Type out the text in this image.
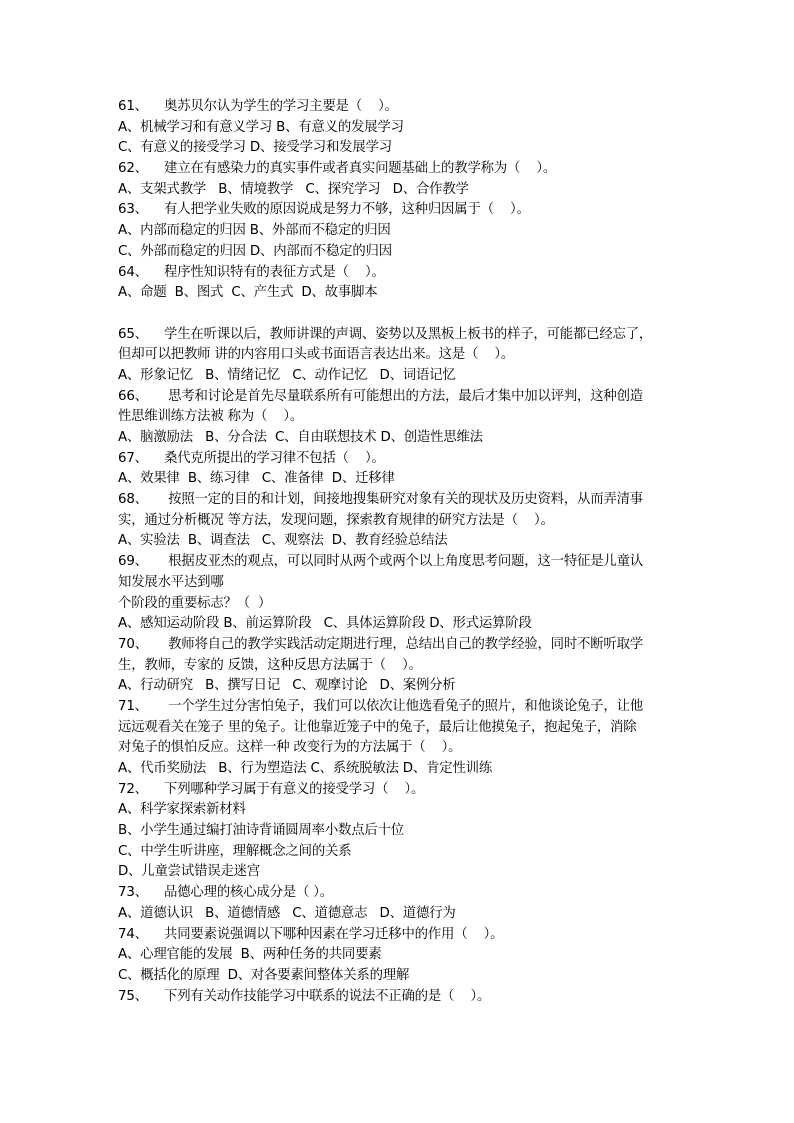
61、    奥苏贝尔认为学生的学习主要是（    ）。
A、机械学习和有意义学习 B、有意义的发展学习
C、有意义的接受学习 D、接受学习和发展学习
62、    建立在有感染力的真实事件或者真实问题基础上的教学称为（    ）。
A、支架式教学   B、情境教学   C、探究学习   D、合作教学
63、    有人把学业失败的原因说成是努力不够，这种归因属于（    ）。
A、内部而稳定的归因 B、外部而不稳定的归因
C、外部而稳定的归因 D、内部而不稳定的归因
64、    程序性知识特有的表征方式是（    ）。
A、命题  B、图式  C、产生式  D、故事脚本
65、    学生在听课以后，教师讲课的声调、姿势以及黑板上板书的样子，可能都已经忘了，
但却可以把教师 讲的内容用口头或书面语言表达出来。这是（    ）。
A、形象记忆   B、情绪记忆   C、动作记忆   D、词语记忆
66、     思考和讨论是首先尽量联系所有可能想出的方法，最后才集中加以评判，这种创造
性思维训练方法被 称为（    ）。
A、脑激励法   B、分合法  C、自由联想技术 D、创造性思维法
67、    桑代克所提出的学习律不包括（    ）。
A、效果律  B、练习律   C、准备律  D、迁移律
68、     按照一定的目的和计划，间接地搜集研究对象有关的现状及历史资料，从而弄清事
实，通过分析概况 等方法，发现问题，探索教育规律的研究方法是（    ）。
A、实验法  B、调查法   C、观察法  D、教育经验总结法
69、     根据皮亚杰的观点，可以同时从两个或两个以上角度思考问题，这一特征是儿童认
知发展水平达到哪
个阶段的重要标志？（  ）
A、感知运动阶段 B、前运算阶段   C、具体运算阶段 D、形式运算阶段
70、     教师将自己的教学实践活动定期进行理，总结出自己的教学经验，同时不断听取学
生，教师，专家的 反馈，这种反思方法属于（    ）。
A、行动研究   B、撰写日记   C、观摩讨论   D、案例分析
71、     一个学生过分害怕兔子，我们可以依次让他选看兔子的照片，和他谈论兔子，让他
远远观看关在笼子 里的兔子。让他靠近笼子中的兔子，最后让他摸兔子，抱起兔子，消除
对兔子的惧怕反应。这样一种 改变行为的方法属于（    ）。
A、代币奖励法   B、行为塑造法 C、系统脱敏法 D、肯定性训练
72、    下列哪种学习属于有意义的接受学习（    ）。
A、科学家探索新材料
B、小学生通过编打油诗背诵圆周率小数点后十位
C、中学生听讲座，理解概念之间的关系
D、儿童尝试错误走迷宫
73、    品德心理的核心成分是（ ）。
A、道德认识   B、道德情感   C、道德意志   D、道德行为
74、    共同要素说强调以下哪种因素在学习迁移中的作用（    ）。
A、心理官能的发展  B、两种任务的共同要素
C、概括化的原理  D、对各要素间整体关系的理解
75、    下列有关动作技能学习中联系的说法不正确的是（    ）。
